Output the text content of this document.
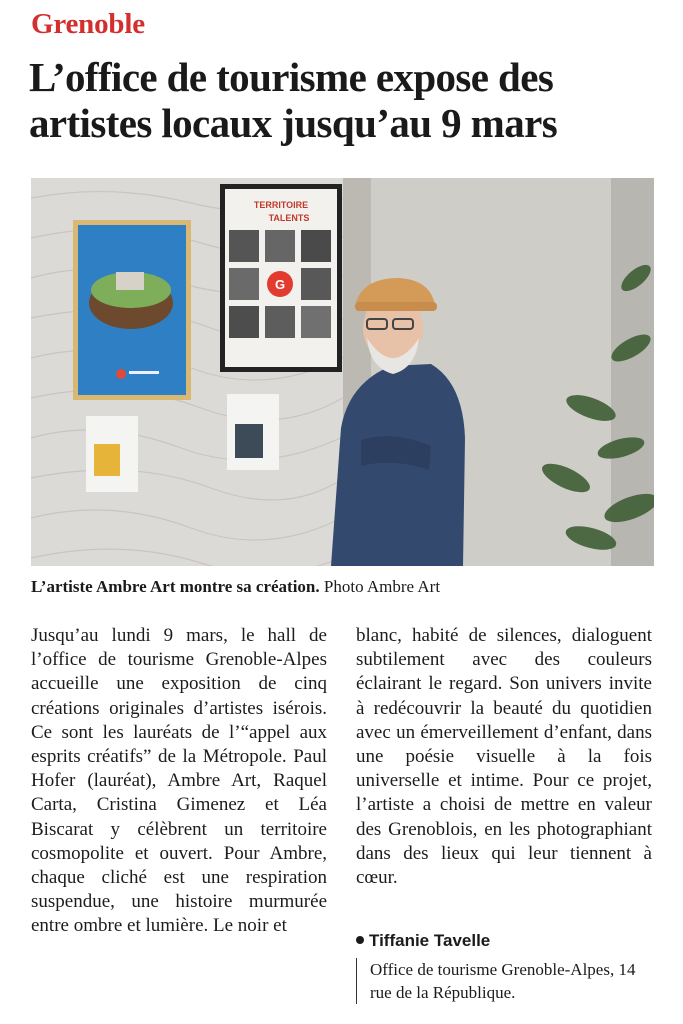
Grenoble
L’office de tourisme expose des artistes locaux jusqu’au 9 mars
TERRITOIRE
TALENTS
G
L’artiste Ambre Art montre sa création. Photo Ambre Art

Jusqu’au lundi 9 mars, le hall de l’office de tourisme Grenoble-Alpes accueille une exposition de cinq créations originales d’artistes isérois. Ce sont les lauréats de l’“appel aux esprits créatifs” de la Métropole. Paul Hofer (lauréat), Ambre Art, Raquel Carta, Cristina Gimenez et Léa Biscarat y célèbrent un territoire cosmopolite et ouvert. Pour Ambre, chaque cliché est une respiration suspendue, une histoire murmurée entre ombre et lumière. Le noir et

blanc, habité de silences, dialoguent subtilement avec des couleurs éclairant le regard. Son univers invite à redécouvrir la beauté du quotidien avec un émerveillement d’enfant, dans une poésie visuelle à la fois universelle et intime. Pour ce projet, l’artiste a choisi de mettre en valeur des Grenoblois, en les photographiant dans des lieux qui leur tiennent à cœur.

Tiffanie Tavelle
Office de tourisme Grenoble-Alpes, 14 rue de la République.
